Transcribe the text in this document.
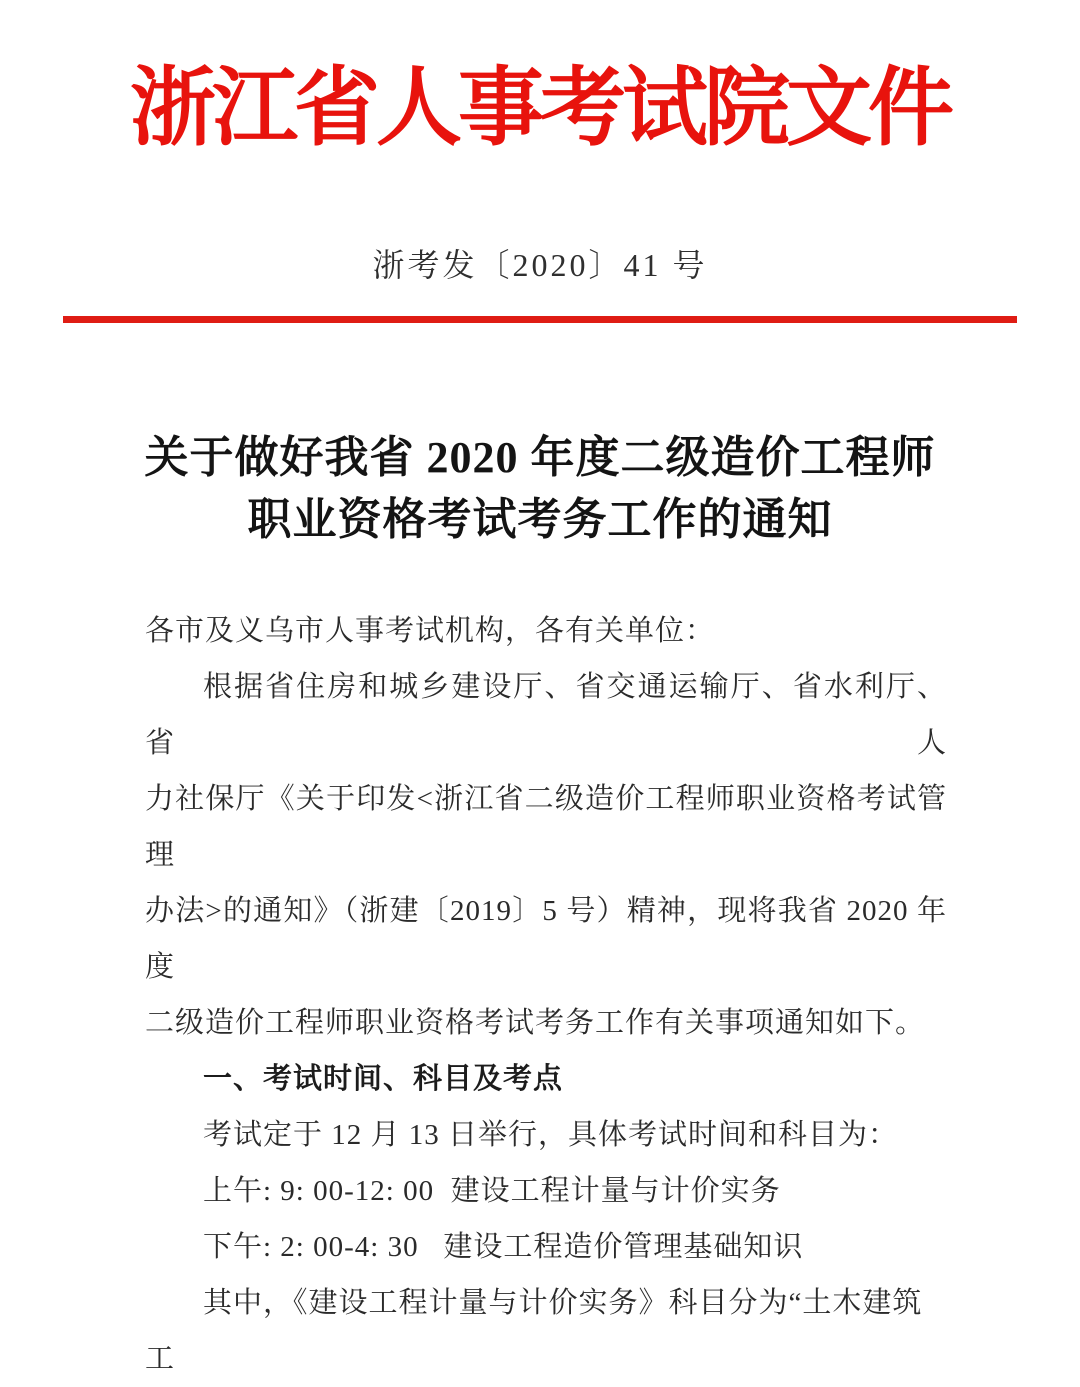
浙江省人事考试院文件
浙考发〔2020〕41 号
关于做好我省 2020 年度二级造价工程师
职业资格考试考务工作的通知
各市及义乌市人事考试机构，各有关单位：
根据省住房和城乡建设厅、省交通运输厅、省水利厅、省人
力社保厅《关于印发<浙江省二级造价工程师职业资格考试管理
办法>的通知》（浙建〔2019〕5 号）精神，现将我省 2020 年度
二级造价工程师职业资格考试考务工作有关事项通知如下。
一、考试时间、科目及考点
考试定于 12 月 13 日举行，具体考试时间和科目为：
上午: 9: 00-12: 00  建设工程计量与计价实务
下午: 2: 00-4: 30   建设工程造价管理基础知识
其中，《建设工程计量与计价实务》科目分为“土木建筑工
